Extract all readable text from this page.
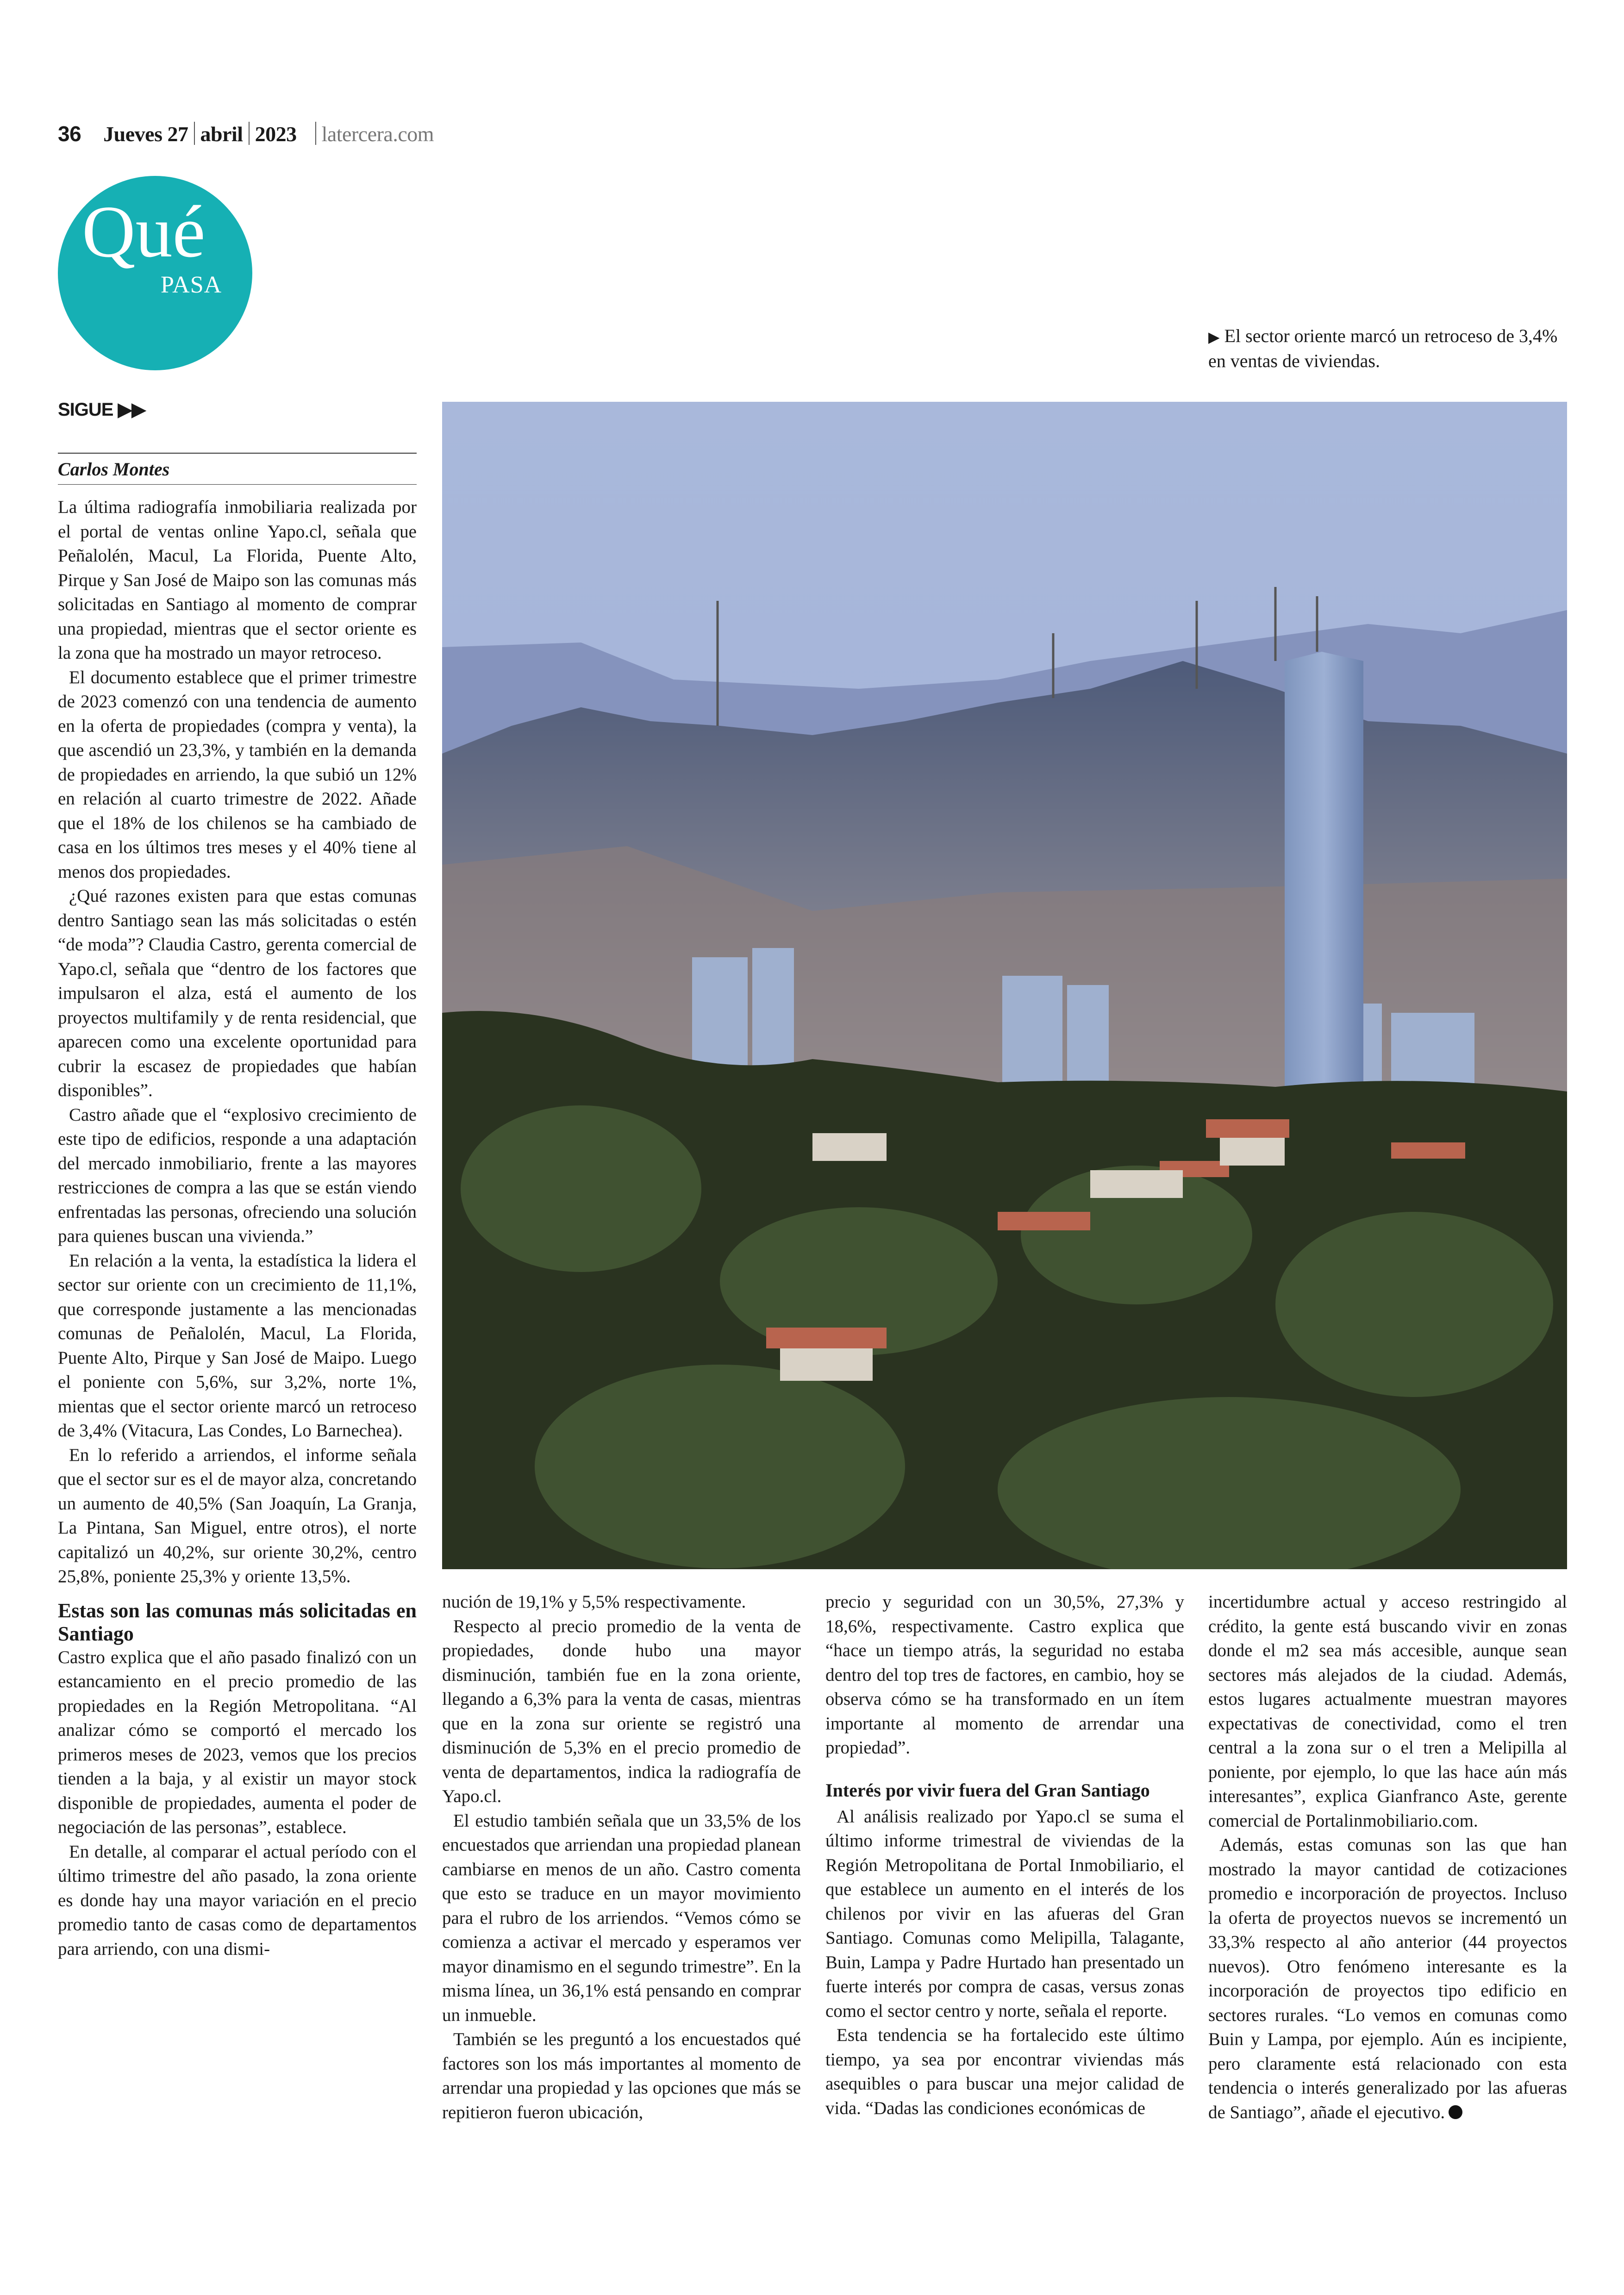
36 Jueves 27 abril 2023 latercera.com
Qué
PASA
▶ El sector oriente marcó un retroceso de 3,4% en ventas de viviendas.
SIGUE ▶▶
Carlos Montes

La última radiografía inmobiliaria realizada por el portal de ventas online Yapo.cl, señala que Peñalolén, Macul, La Florida, Puente Alto, Pirque y San José de Maipo son las comunas más solicitadas en Santiago al momento de comprar una propiedad, mientras que el sector oriente es la zona que ha mostrado un mayor retroceso.

El documento establece que el primer trimestre de 2023 comenzó con una tendencia de aumento en la oferta de propiedades (compra y venta), la que ascendió un 23,3%, y también en la demanda de propiedades en arriendo, la que subió un 12% en relación al cuarto trimestre de 2022. Añade que el 18% de los chilenos se ha cambiado de casa en los últimos tres meses y el 40% tiene al menos dos propiedades.

¿Qué razones existen para que estas comunas dentro Santiago sean las más solicitadas o estén “de moda”? Claudia Castro, gerenta comercial de Yapo.cl, señala que “dentro de los factores que impulsaron el alza, está el aumento de los proyectos multifamily y de renta residencial, que aparecen como una excelente oportunidad para cubrir la escasez de propiedades que habían disponibles”.

Castro añade que el “explosivo crecimiento de este tipo de edificios, responde a una adaptación del mercado inmobiliario, frente a las mayores restricciones de compra a las que se están viendo enfrentadas las personas, ofreciendo una solución para quienes buscan una vivienda.”

En relación a la venta, la estadística la lidera el sector sur oriente con un crecimiento de 11,1%, que corresponde justamente a las mencionadas comunas de Peñalolén, Macul, La Florida, Puente Alto, Pirque y San José de Maipo. Luego el poniente con 5,6%, sur 3,2%, norte 1%, mientas que el sector oriente marcó un retroceso de 3,4% (Vitacura, Las Condes, Lo Barnechea).

En lo referido a arriendos, el informe señala que el sector sur es el de mayor alza, concretando un aumento de 40,5% (San Joaquín, La Granja, La Pintana, San Miguel, entre otros), el norte capitalizó un 40,2%, sur oriente 30,2%, centro 25,8%, poniente 25,3% y oriente 13,5%.

Estas son las comunas más solicitadas en Santiago

Castro explica que el año pasado finalizó con un estancamiento en el precio promedio de las propiedades en la Región Metropolitana. “Al analizar cómo se comportó el mercado los primeros meses de 2023, vemos que los precios tienden a la baja, y al existir un mayor stock disponible de propiedades, aumenta el poder de negociación de las personas”, establece.

En detalle, al comparar el actual período con el último trimestre del año pasado, la zona oriente es donde hay una mayor variación en el precio promedio tanto de casas como de departamentos para arriendo, con una dismi-

nución de 19,1% y 5,5% respectivamente.

Respecto al precio promedio de la venta de propiedades, donde hubo una mayor disminución, también fue en la zona oriente, llegando a 6,3% para la venta de casas, mientras que en la zona sur oriente se registró una disminución de 5,3% en el precio promedio de venta de departamentos, indica la radiografía de Yapo.cl.

El estudio también señala que un 33,5% de los encuestados que arriendan una propiedad planean cambiarse en menos de un año. Castro comenta que esto se traduce en un mayor movimiento para el rubro de los arriendos. “Vemos cómo se comienza a activar el mercado y esperamos ver mayor dinamismo en el segundo trimestre”. En la misma línea, un 36,1% está pensando en comprar un inmueble.

También se les preguntó a los encuestados qué factores son los más importantes al momento de arrendar una propiedad y las opciones que más se repitieron fueron ubicación,

precio y seguridad con un 30,5%, 27,3% y 18,6%, respectivamente. Castro explica que “hace un tiempo atrás, la seguridad no estaba dentro del top tres de factores, en cambio, hoy se observa cómo se ha transformado en un ítem importante al momento de arrendar una propiedad”.

Interés por vivir fuera del Gran Santiago

Al análisis realizado por Yapo.cl se suma el último informe trimestral de viviendas de la Región Metropolitana de Portal Inmobiliario, el que establece un aumento en el interés de los chilenos por vivir en las afueras del Gran Santiago. Comunas como Melipilla, Talagante, Buin, Lampa y Padre Hurtado han presentado un fuerte interés por compra de casas, versus zonas como el sector centro y norte, señala el reporte.

Esta tendencia se ha fortalecido este último tiempo, ya sea por encontrar viviendas más asequibles o para buscar una mejor calidad de vida. “Dadas las condiciones económicas de

incertidumbre actual y acceso restringido al crédito, la gente está buscando vivir en zonas donde el m2 sea más accesible, aunque sean sectores más alejados de la ciudad. Además, estos lugares actualmente muestran mayores expectativas de conectividad, como el tren central a la zona sur o el tren a Melipilla al poniente, por ejemplo, lo que las hace aún más interesantes”, explica Gianfranco Aste, gerente comercial de Portalinmobiliario.com.

Además, estas comunas son las que han mostrado la mayor cantidad de cotizaciones promedio e incorporación de proyectos. Incluso la oferta de proyectos nuevos se incrementó un 33,3% respecto al año anterior (44 proyectos nuevos). Otro fenómeno interesante es la incorporación de proyectos tipo edificio en sectores rurales. “Lo vemos en comunas como Buin y Lampa, por ejemplo. Aún es incipiente, pero claramente está relacionado con esta tendencia o interés generalizado por las afueras de Santiago”, añade el ejecutivo.
